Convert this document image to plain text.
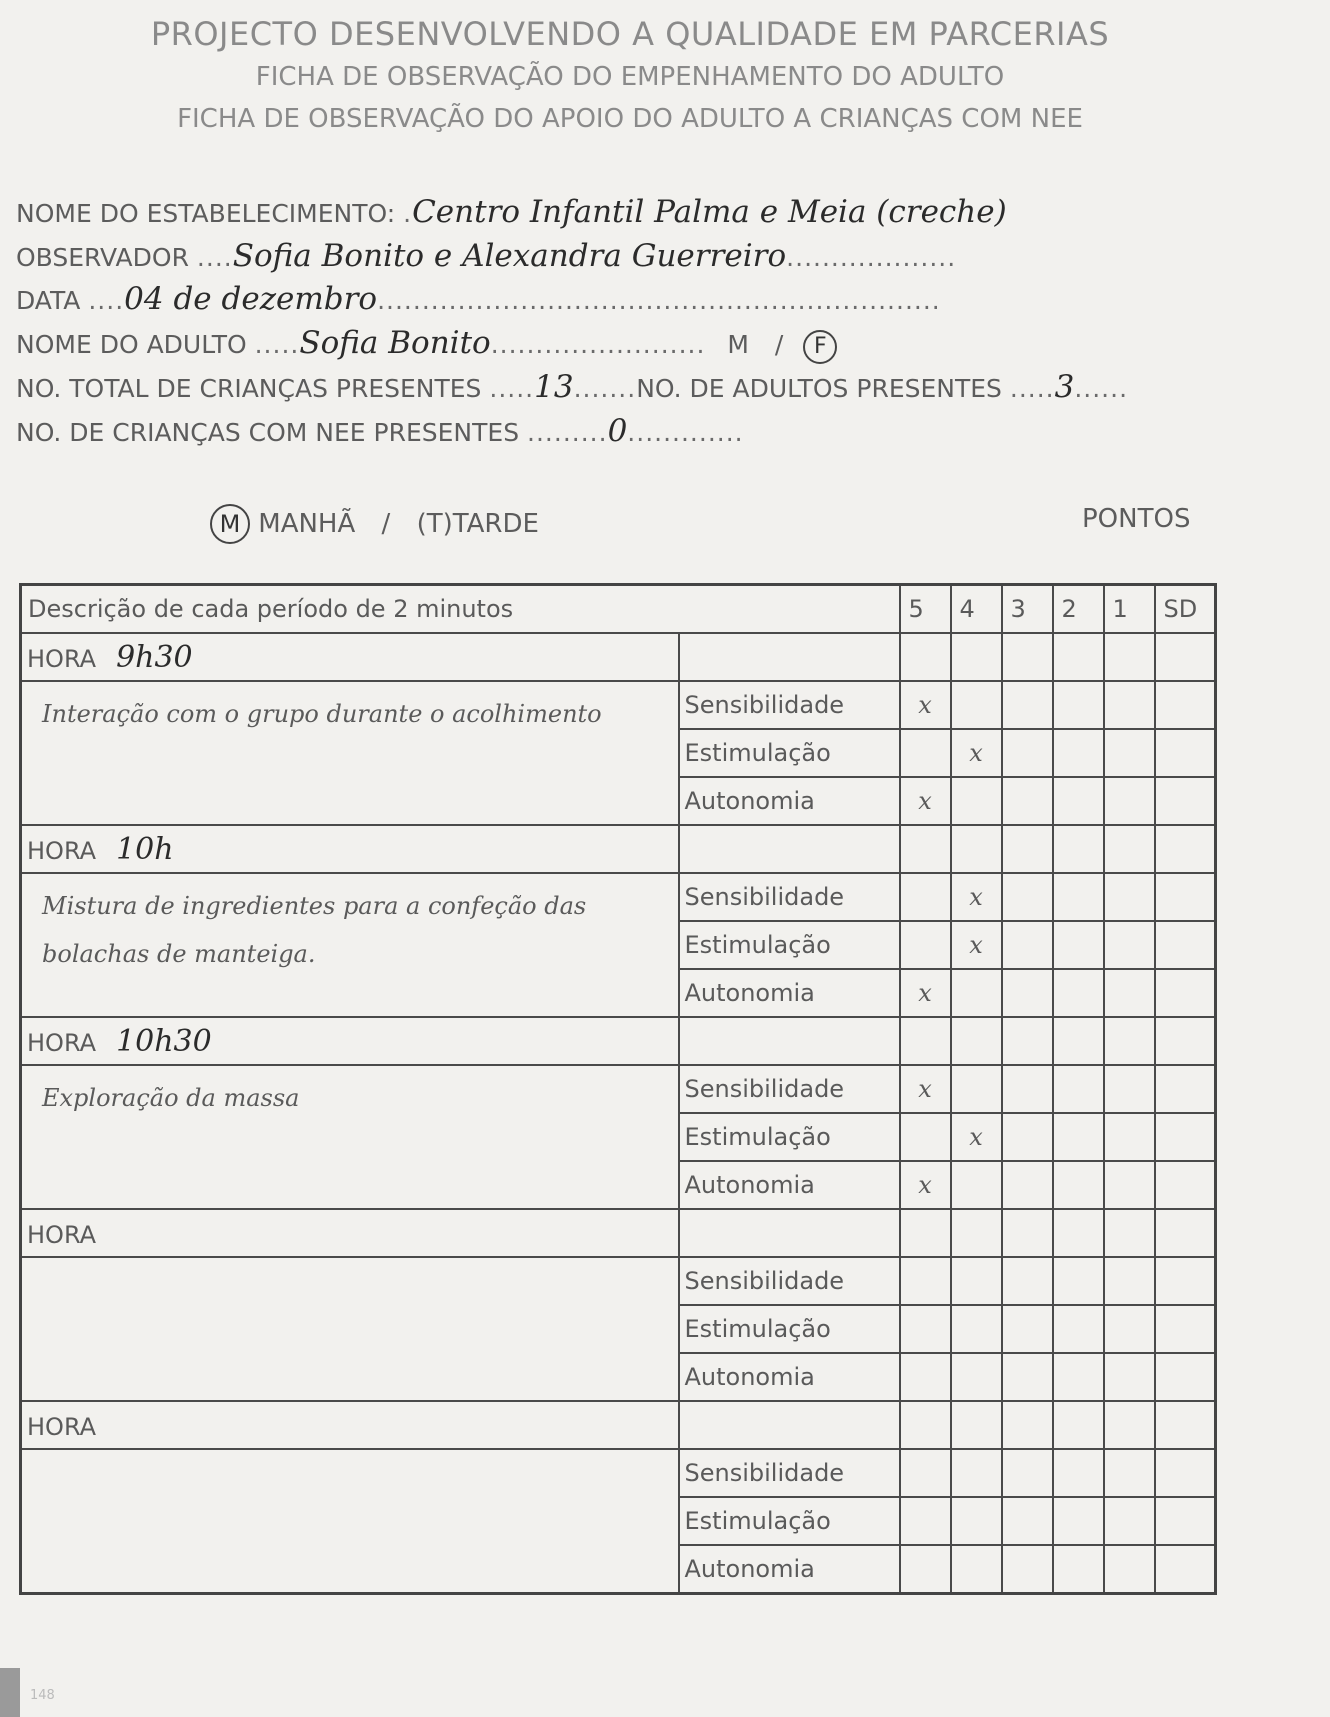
PROJECTO DESENVOLVENDO A QUALIDADE EM PARCERIAS
FICHA DE OBSERVAÇÃO DO EMPENHAMENTO DO ADULTO
FICHA DE OBSERVAÇÃO DO APOIO DO ADULTO A CRIANÇAS COM NEE
NOME DO ESTABELECIMENTO: .Centro Infantil Palma e Meia (creche)
OBSERVADOR ....Sofia Bonito e Alexandra Guerreiro...................
DATA ....04 de dezembro...............................................................
NOME DO ADULTO .....Sofia Bonito........................ M / F
NO. TOTAL DE CRIANÇAS PRESENTES .....13.......NO. DE ADULTOS PRESENTES .....3......
NO. DE CRIANÇAS COM NEE PRESENTES .........0.............
M MANHÃ / (T)TARDE	PONTOS
Descrição de cada período de 2 minutos		5	4	3	2	1	SD
HORA 9h30							
Interação com o grupo durante o acolhimento	Sensibilidade	x					
	Estimulação		x				
	Autonomia	x					
HORA 10h							
Mistura de ingredientes para a confeção das bolachas de manteiga.	Sensibilidade		x				
	Estimulação		x				
	Autonomia	x					
HORA 10h30							
Exploração da massa	Sensibilidade	x					
	Estimulação		x				
	Autonomia	x					
HORA							
	Sensibilidade						
	Estimulação						
	Autonomia						
HORA							
	Sensibilidade						
	Estimulação						
	Autonomia						
148
